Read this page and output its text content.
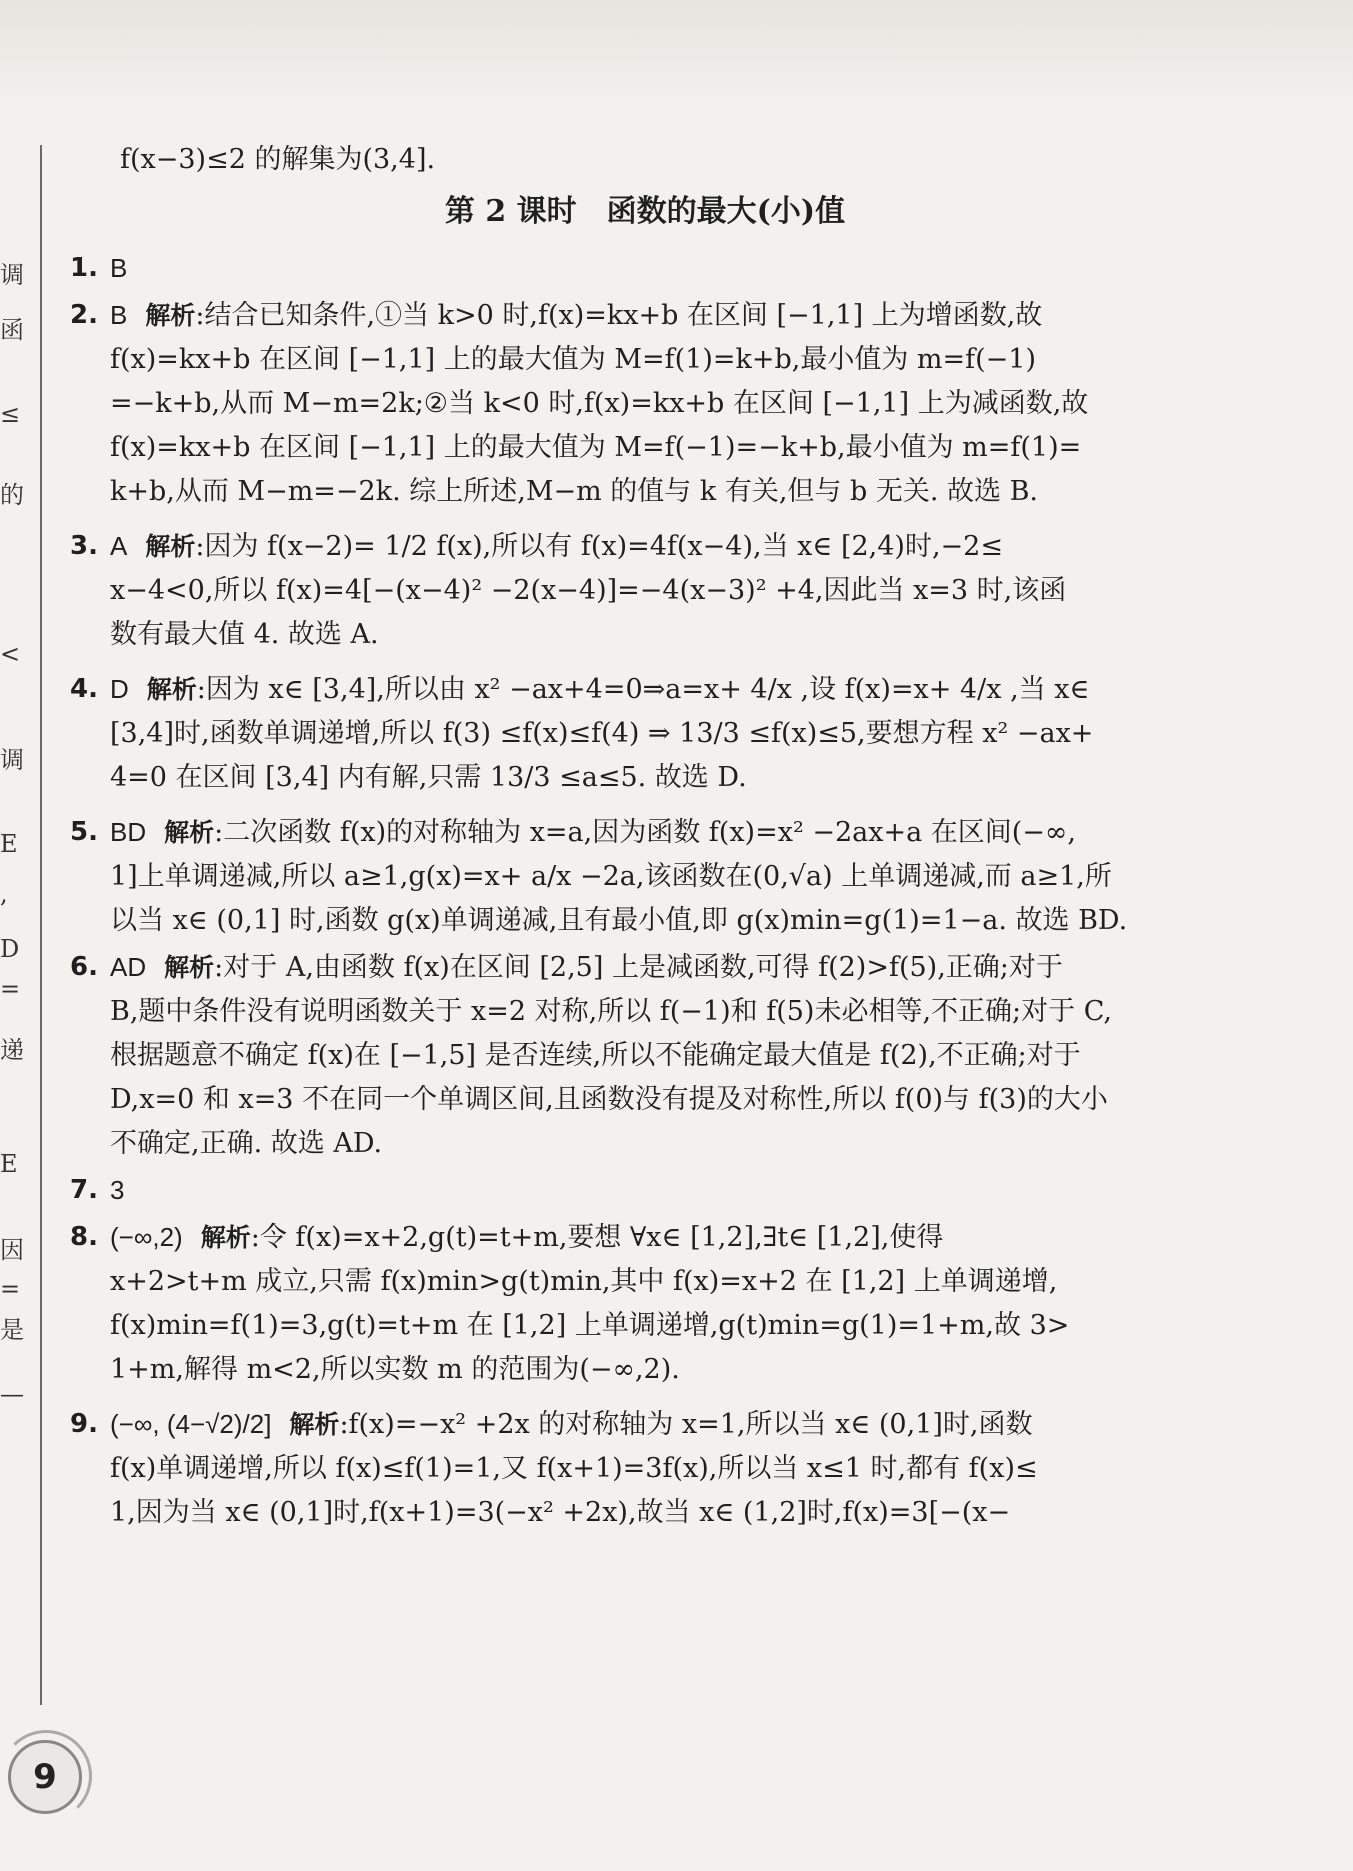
调
函
≤
的
<
调
E
,
D
=
递
E
因
=
是
—
f(x−3)≤2 的解集为(3,4].
第 2 课时　函数的最大(小)值
1. B
2. B 解析:结合已知条件,①当 k>0 时,f(x)=kx+b 在区间 [−1,1] 上为增函数,故
f(x)=kx+b 在区间 [−1,1] 上的最大值为 M=f(1)=k+b,最小值为 m=f(−1)
=−k+b,从而 M−m=2k;②当 k<0 时,f(x)=kx+b 在区间 [−1,1] 上为减函数,故
f(x)=kx+b 在区间 [−1,1] 上的最大值为 M=f(−1)=−k+b,最小值为 m=f(1)=
k+b,从而 M−m=−2k. 综上所述,M−m 的值与 k 有关,但与 b 无关. 故选 B.
3. A 解析:因为 f(x−2)= 1/2 f(x),所以有 f(x)=4f(x−4),当 x∈ [2,4)时,−2≤
x−4<0,所以 f(x)=4[−(x−4)² −2(x−4)]=−4(x−3)² +4,因此当 x=3 时,该函
数有最大值 4. 故选 A.
4. D 解析:因为 x∈ [3,4],所以由 x² −ax+4=0⇒a=x+ 4/x ,设 f(x)=x+ 4/x ,当 x∈
[3,4]时,函数单调递增,所以 f(3) ≤f(x)≤f(4) ⇒ 13/3 ≤f(x)≤5,要想方程 x² −ax+
4=0 在区间 [3,4] 内有解,只需 13/3 ≤a≤5. 故选 D.
5. BD 解析:二次函数 f(x)的对称轴为 x=a,因为函数 f(x)=x² −2ax+a 在区间(−∞,
1]上单调递减,所以 a≥1,g(x)=x+ a/x −2a,该函数在(0,√a) 上单调递减,而 a≥1,所
以当 x∈ (0,1] 时,函数 g(x)单调递减,且有最小值,即 g(x)min=g(1)=1−a. 故选 BD.
6. AD 解析:对于 A,由函数 f(x)在区间 [2,5] 上是减函数,可得 f(2)>f(5),正确;对于
B,题中条件没有说明函数关于 x=2 对称,所以 f(−1)和 f(5)未必相等,不正确;对于 C,
根据题意不确定 f(x)在 [−1,5] 是否连续,所以不能确定最大值是 f(2),不正确;对于
D,x=0 和 x=3 不在同一个单调区间,且函数没有提及对称性,所以 f(0)与 f(3)的大小
不确定,正确. 故选 AD.
7. 3
8. (−∞,2) 解析:令 f(x)=x+2,g(t)=t+m,要想 ∀x∈ [1,2],∃t∈ [1,2],使得
x+2>t+m 成立,只需 f(x)min>g(t)min,其中 f(x)=x+2 在 [1,2] 上单调递增,
f(x)min=f(1)=3,g(t)=t+m 在 [1,2] 上单调递增,g(t)min=g(1)=1+m,故 3>
1+m,解得 m<2,所以实数 m 的范围为(−∞,2).
9. (−∞, (4−√2)/2] 解析:f(x)=−x² +2x 的对称轴为 x=1,所以当 x∈ (0,1]时,函数
f(x)单调递增,所以 f(x)≤f(1)=1,又 f(x+1)=3f(x),所以当 x≤1 时,都有 f(x)≤
1,因为当 x∈ (0,1]时,f(x+1)=3(−x² +2x),故当 x∈ (1,2]时,f(x)=3[−(x−
9
